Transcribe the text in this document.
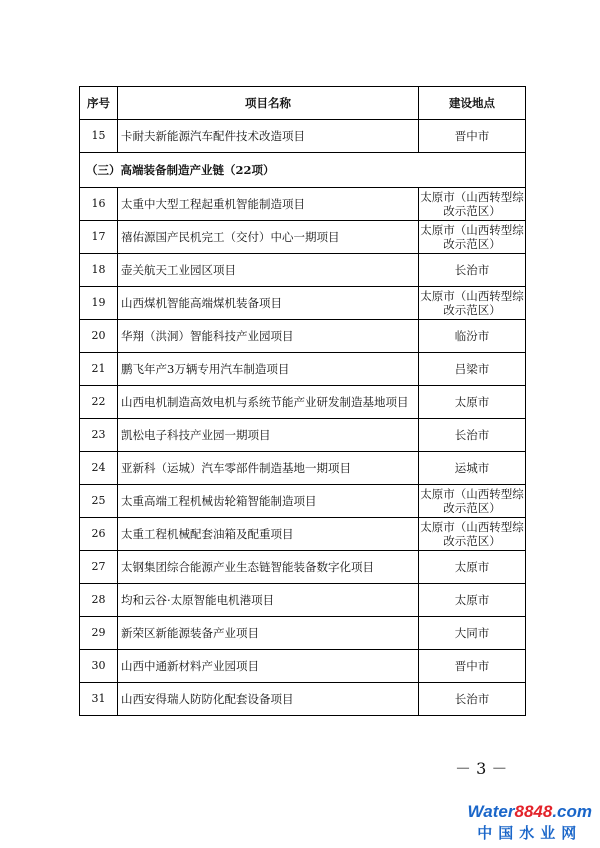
序号	项目名称	建设地点
15	卡耐夫新能源汽车配件技术改造项目	晋中市
（三）高端装备制造产业链（22项）		
16	太重中大型工程起重机智能制造项目	太原市（山西转型综改示范区）
17	禧佑源国产民机完工（交付）中心一期项目	太原市（山西转型综改示范区）
18	壶关航天工业园区项目	长治市
19	山西煤机智能高端煤机装备项目	太原市（山西转型综改示范区）
20	华翔（洪洞）智能科技产业园项目	临汾市
21	鹏飞年产3万辆专用汽车制造项目	吕梁市
22	山西电机制造高效电机与系统节能产业研发制造基地项目	太原市
23	凯松电子科技产业园一期项目	长治市
24	亚新科（运城）汽车零部件制造基地一期项目	运城市
25	太重高端工程机械齿轮箱智能制造项目	太原市（山西转型综改示范区）
26	太重工程机械配套油箱及配重项目	太原市（山西转型综改示范区）
27	太钢集团综合能源产业生态链智能装备数字化项目	太原市
28	均和云谷·太原智能电机港项目	太原市
29	新荣区新能源装备产业项目	大同市
30	山西中通新材料产业园项目	晋中市
31	山西安得瑞人防防化配套设备项目	长治市
－ 3 －
Water8848.com
中国水业网
